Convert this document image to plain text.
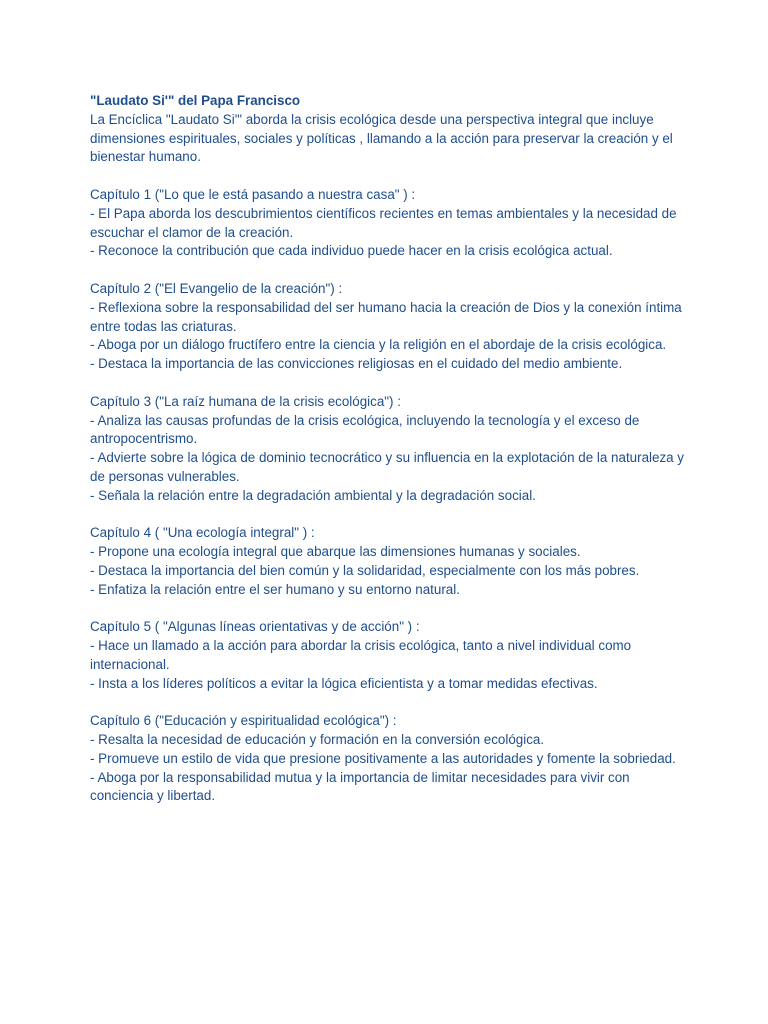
"Laudato Si'" del Papa Francisco

La Encíclica "Laudato Si'" aborda la crisis ecológica desde una perspectiva integral que incluye dimensiones espirituales, sociales y políticas , llamando a la acción para preservar la creación y el bienestar humano.

Capítulo 1 ("Lo que le está pasando a nuestra casa" ) :

- El Papa aborda los descubrimientos científicos recientes en temas ambientales y la necesidad de escuchar el clamor de la creación.

- Reconoce la contribución que cada individuo puede hacer en la crisis ecológica actual.

Capítulo 2 ("El Evangelio de la creación") :

- Reflexiona sobre la responsabilidad del ser humano hacia la creación de Dios y la conexión íntima entre todas las criaturas.

- Aboga por un diálogo fructífero entre la ciencia y la religión en el abordaje de la crisis ecológica.

- Destaca la importancia de las convicciones religiosas en el cuidado del medio ambiente.

Capítulo 3 ("La raíz humana de la crisis ecológica") :

- Analiza las causas profundas de la crisis ecológica, incluyendo la tecnología y el exceso de antropocentrismo.

- Advierte sobre la lógica de dominio tecnocrático y su influencia en la explotación de la naturaleza y de personas vulnerables.

- Señala la relación entre la degradación ambiental y la degradación social.

Capítulo 4 ( "Una ecología integral" ) :

- Propone una ecología integral que abarque las dimensiones humanas y sociales.

- Destaca la importancia del bien común y la solidaridad, especialmente con los más pobres.

- Enfatiza la relación entre el ser humano y su entorno natural.

Capítulo 5 ( "Algunas líneas orientativas y de acción" ) :

- Hace un llamado a la acción para abordar la crisis ecológica, tanto a nivel individual como internacional.

- Insta a los líderes políticos a evitar la lógica eficientista y a tomar medidas efectivas.

Capítulo 6 ("Educación y espiritualidad ecológica") :

- Resalta la necesidad de educación y formación en la conversión ecológica.

- Promueve un estilo de vida que presione positivamente a las autoridades y fomente la sobriedad.

- Aboga por la responsabilidad mutua y la importancia de limitar necesidades para vivir con conciencia y libertad.
